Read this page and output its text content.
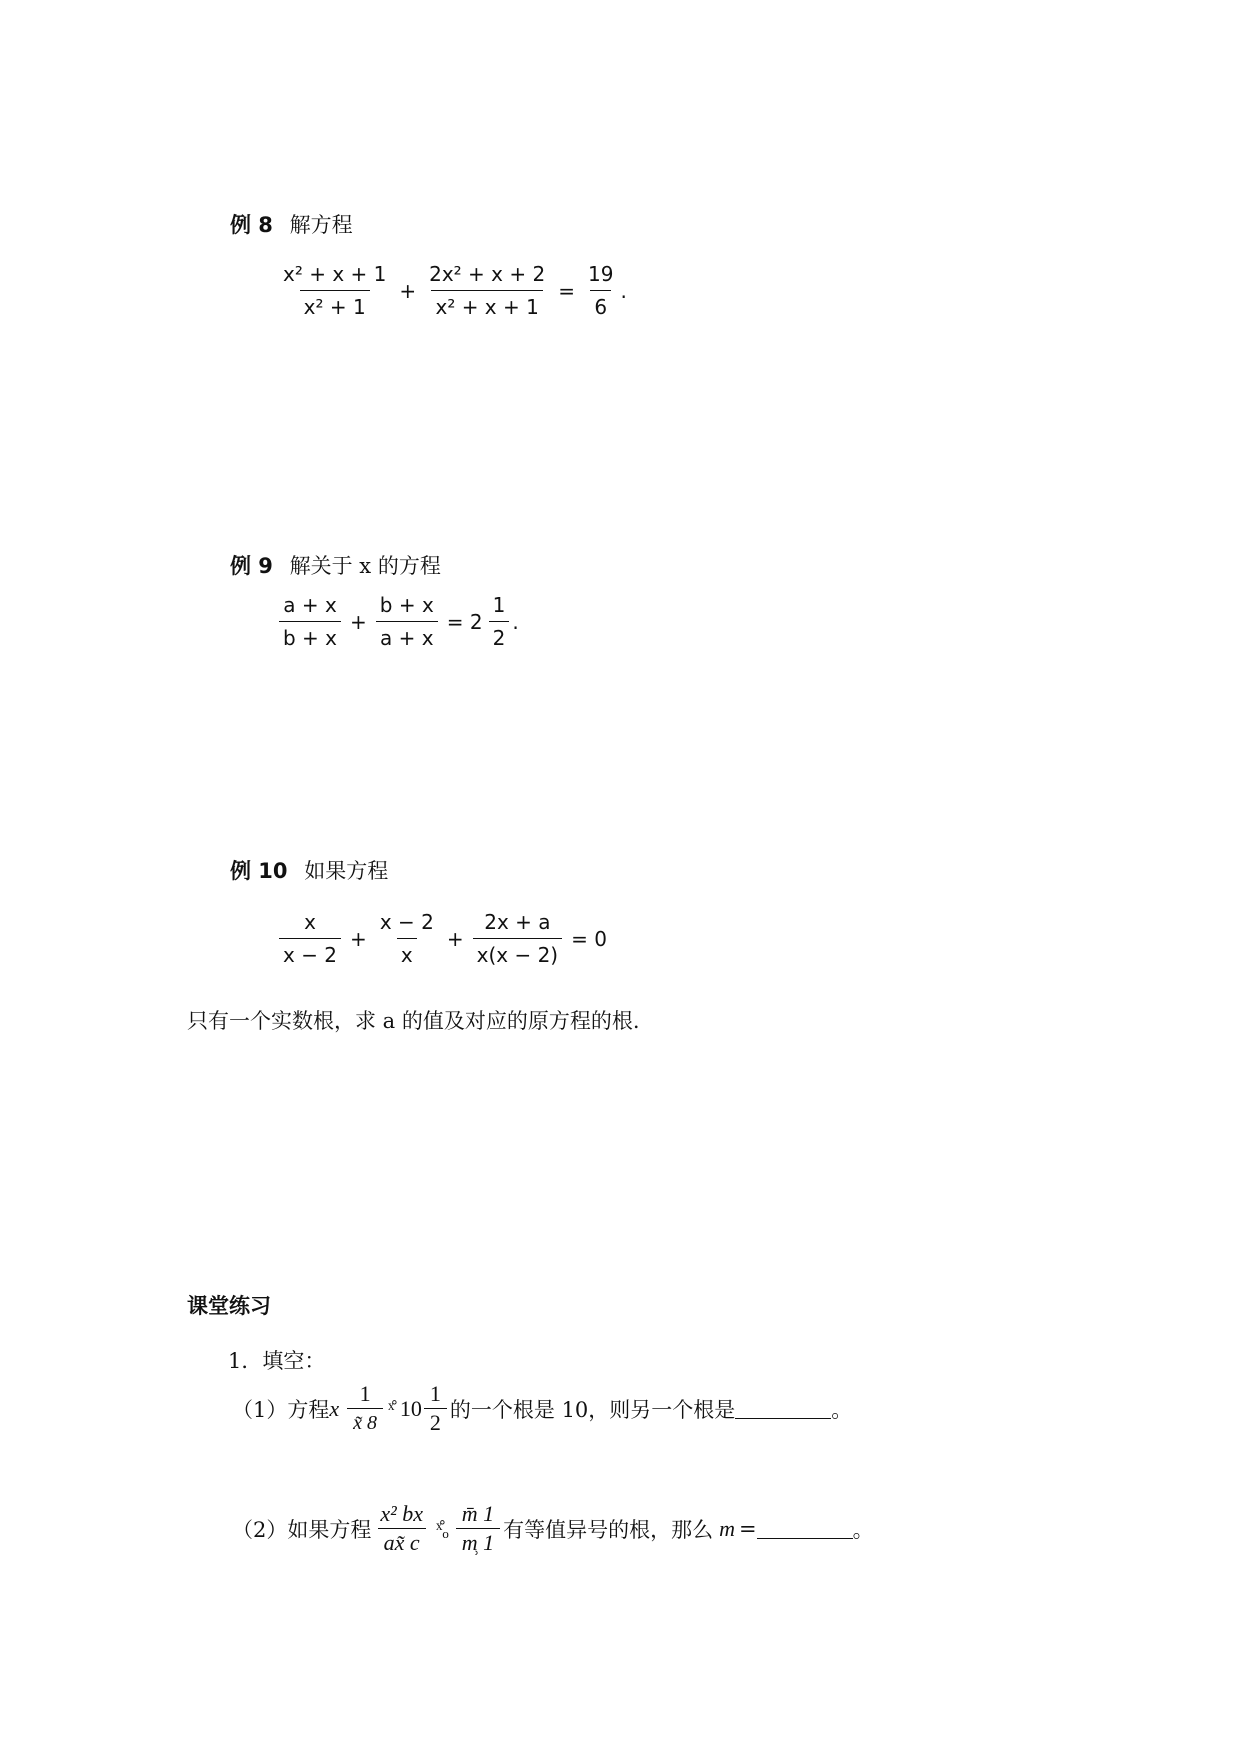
例 8 解方程
$\frac{\text{x² + x + 1}}{\text{x² + 1}} + \frac{\text{2x² + x + 2}}{\text{x² + x + 1}} = \frac{19}{6}$ .
例 9 解关于 x 的方程
$\frac{a + x}{b + x} + \frac{b + x}{a + x} = 2 \frac{1}{2}$ .
例 10 如果方程
$\frac{x}{x - 2} + \frac{x - 2}{x} + \frac{2x + a}{x(x - 2)} = 0$
只有一个实数根，求 a 的值及对应的原方程的根.
课堂练习
1．填空：
（1）方程 x $\frac{1}{x̃ 8}$ ˣ̊ $10 \frac{1}{2}$ 的一个根是 10，则另一个根是	。
（2）如果方程 $\frac{\text{x² bx}}{ax̃ c}$ ˣ̊ₒ $\frac{m̄ 1}{m̹ 1}$ 有等值异号的根，那么 m =	。
